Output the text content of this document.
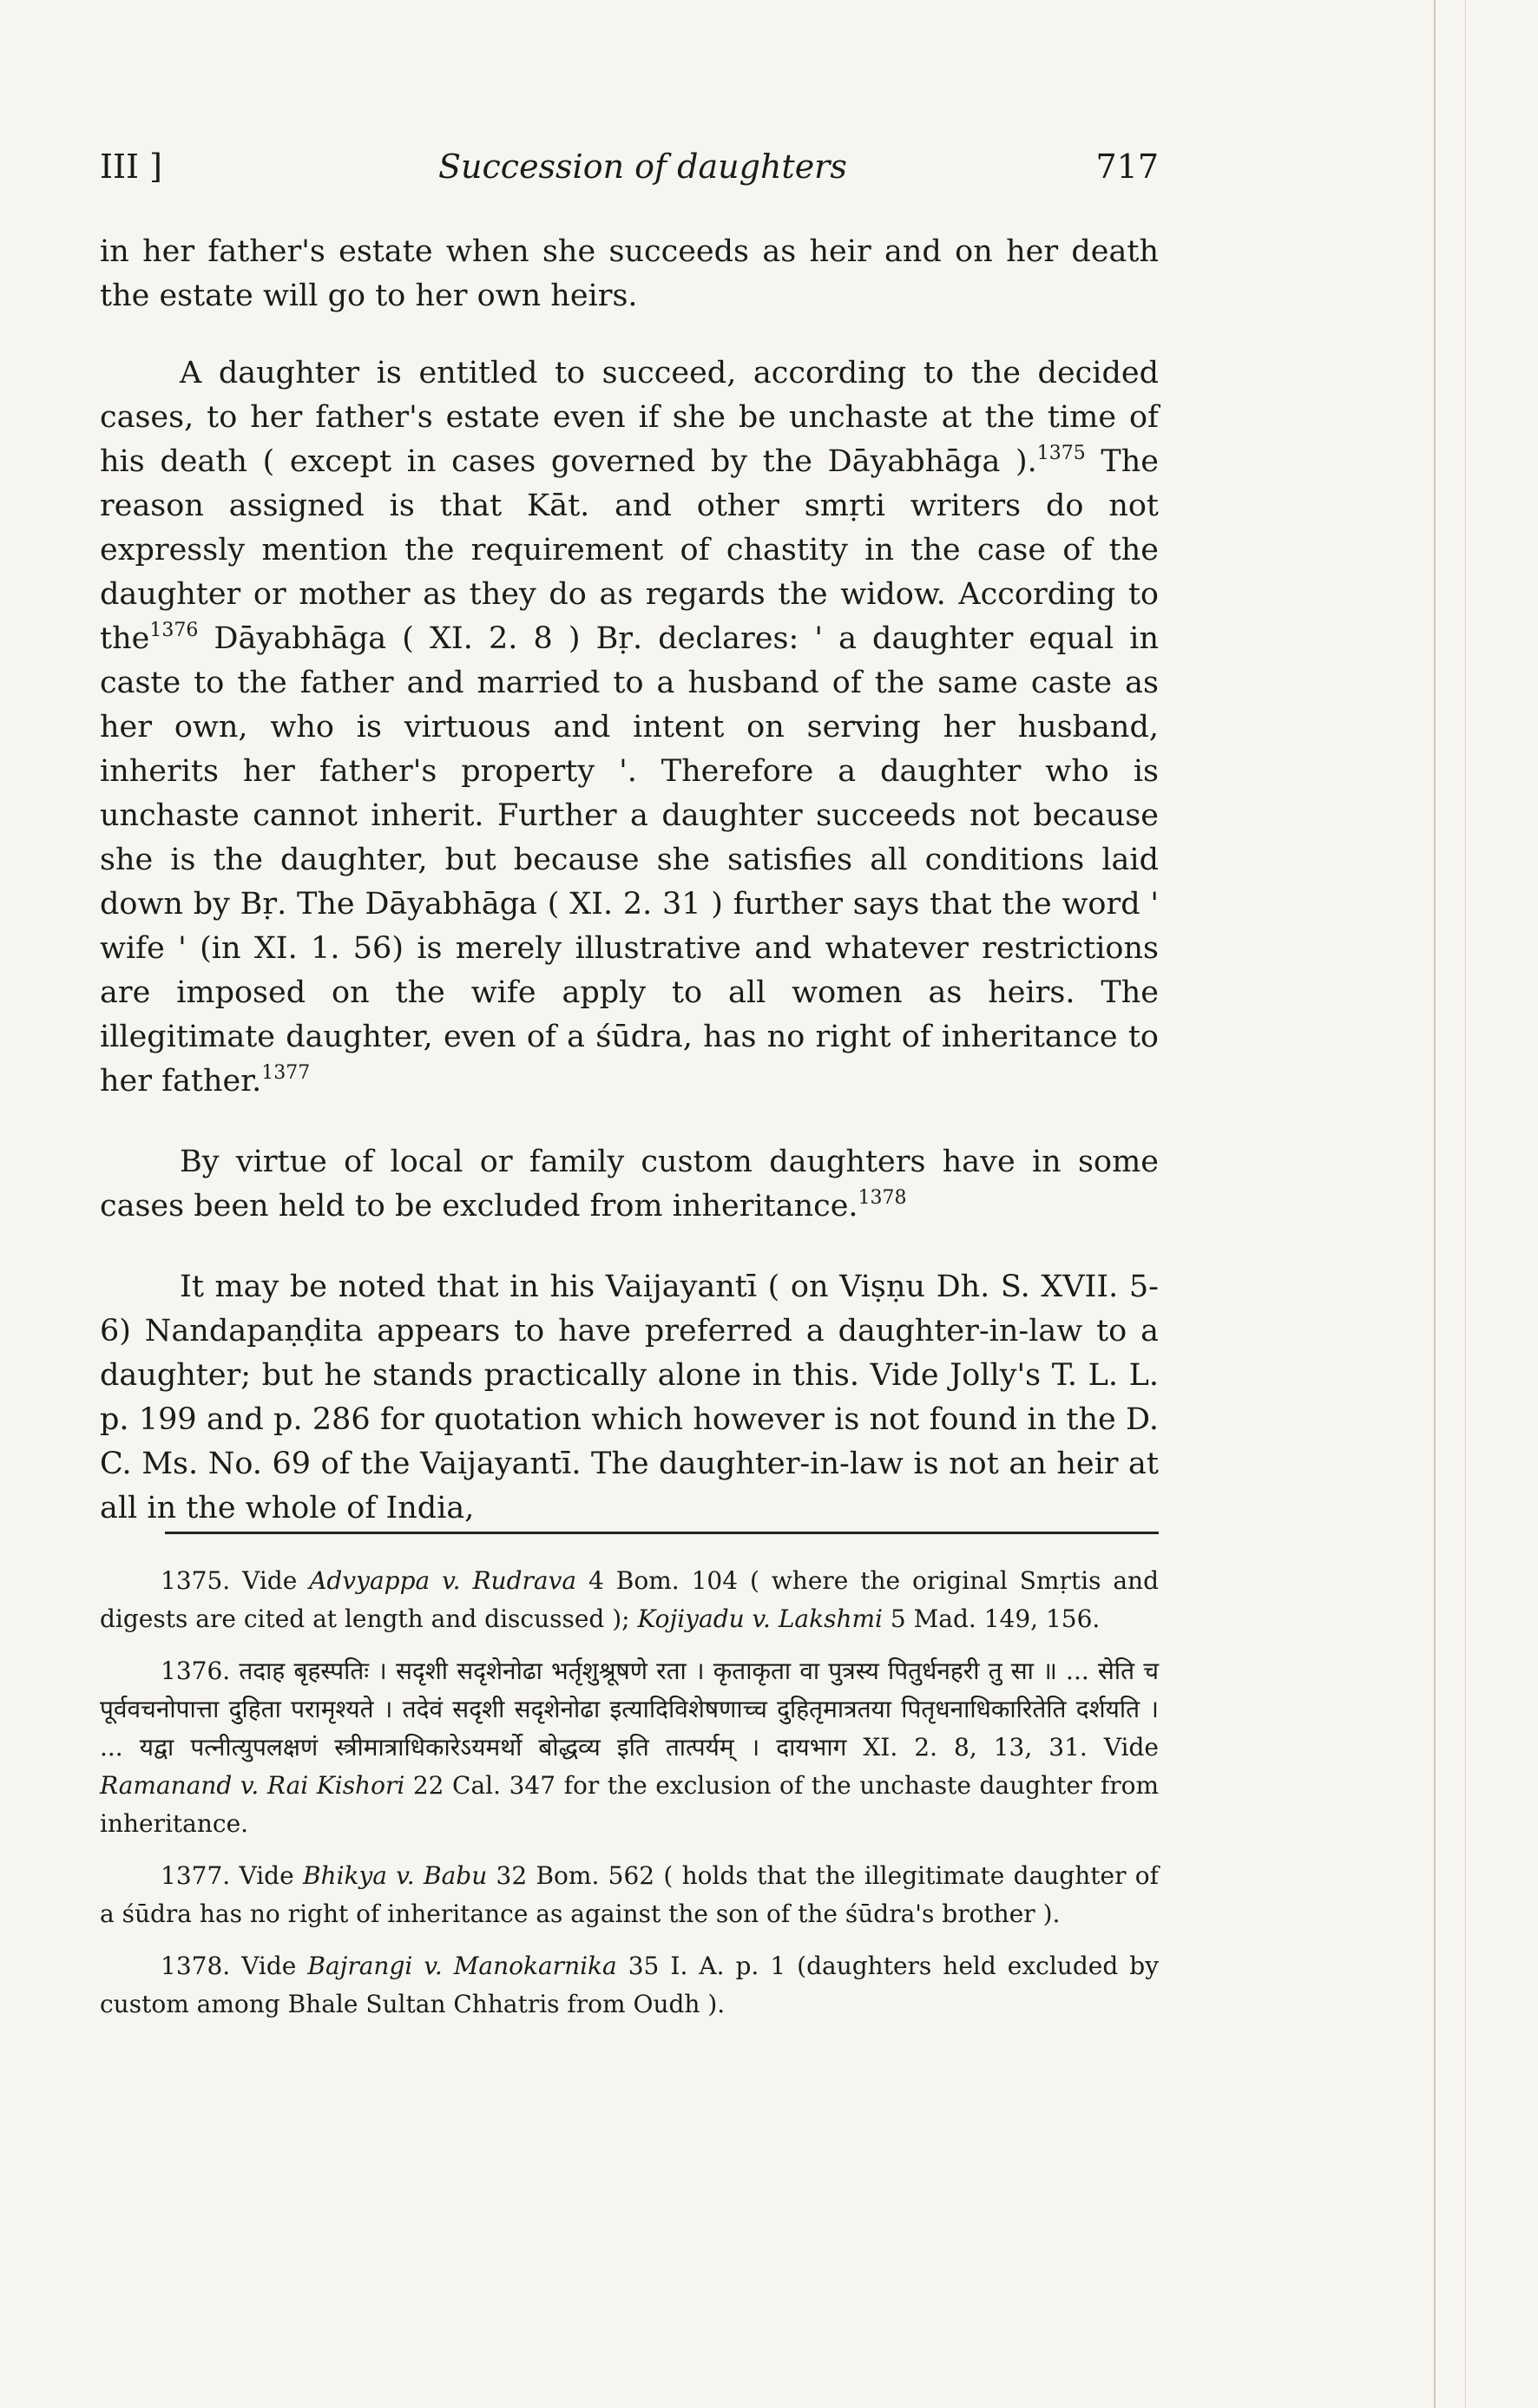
III ]	Succession of daughters	717

in her father's estate when she succeeds as heir and on her death the estate will go to her own heirs.

A daughter is entitled to succeed, according to the decided cases, to her father's estate even if she be unchaste at the time of his death ( except in cases governed by the Dāyabhāga ).$^{1375}$ The reason assigned is that Kāt. and other smṛti writers do not expressly mention the requirement of chastity in the case of the daughter or mother as they do as regards the widow. According to the$^{1376}$ Dāyabhāga ( XI. 2. 8 ) Bṛ. declares: ' a daughter equal in caste to the father and married to a husband of the same caste as her own, who is virtuous and intent on serving her husband, inherits her father's property '. Therefore a daughter who is unchaste cannot inherit. Further a daughter succeeds not because she is the daughter, but because she satisfies all conditions laid down by Bṛ. The Dāyabhāga ( XI. 2. 31 ) further says that the word ' wife ' (in XI. 1. 56) is merely illustrative and whatever restrictions are imposed on the wife apply to all women as heirs. The illegitimate daughter, even of a śūdra, has no right of inheritance to her father.$^{1377}$

By virtue of local or family custom daughters have in some cases been held to be excluded from inheritance.$^{1378}$

It may be noted that in his Vaijayantī ( on Viṣṇu Dh. S. XVII. 5-6) Nandapaṇḍita appears to have preferred a daughter-in-law to a daughter; but he stands practically alone in this. Vide Jolly's T. L. L. p. 199 and p. 286 for quotation which however is not found in the D. C. Ms. No. 69 of the Vaijayantī. The daughter-in-law is not an heir at all in the whole of India,

1375. Vide Advyappa v. Rudrava 4 Bom. 104 ( where the original Smṛtis and digests are cited at length and discussed ); Kojiyadu v. Lakshmi 5 Mad. 149, 156.

1376. तदाह बृहस्पतिः । सदृशी सदृशेनोढा भर्तृशुश्रूषणे रता । कृताकृता वा पुत्रस्य पितुर्धनहरी तु सा ॥ ... सेति च पूर्ववचनोपात्ता दुहिता परामृश्यते । तदेवं सदृशी सदृशेनोढा इत्यादिविशेषणाच्च दुहितृमात्रतया पितृधनाधिकारितेति दर्शयति । ... यद्वा पत्नीत्युपलक्षणं स्त्रीमात्राधिकारेऽयमर्थो बोद्धव्य इति तात्पर्यम् । दायभाग XI. 2. 8, 13, 31. Vide Ramanand v. Rai Kishori 22 Cal. 347 for the exclusion of the unchaste daughter from inheritance.

1377. Vide Bhikya v. Babu 32 Bom. 562 ( holds that the illegitimate daughter of a śūdra has no right of inheritance as against the son of the śūdra's brother ).

1378. Vide Bajrangi v. Manokarnika 35 I. A. p. 1 (daughters held excluded by custom among Bhale Sultan Chhatris from Oudh ).
